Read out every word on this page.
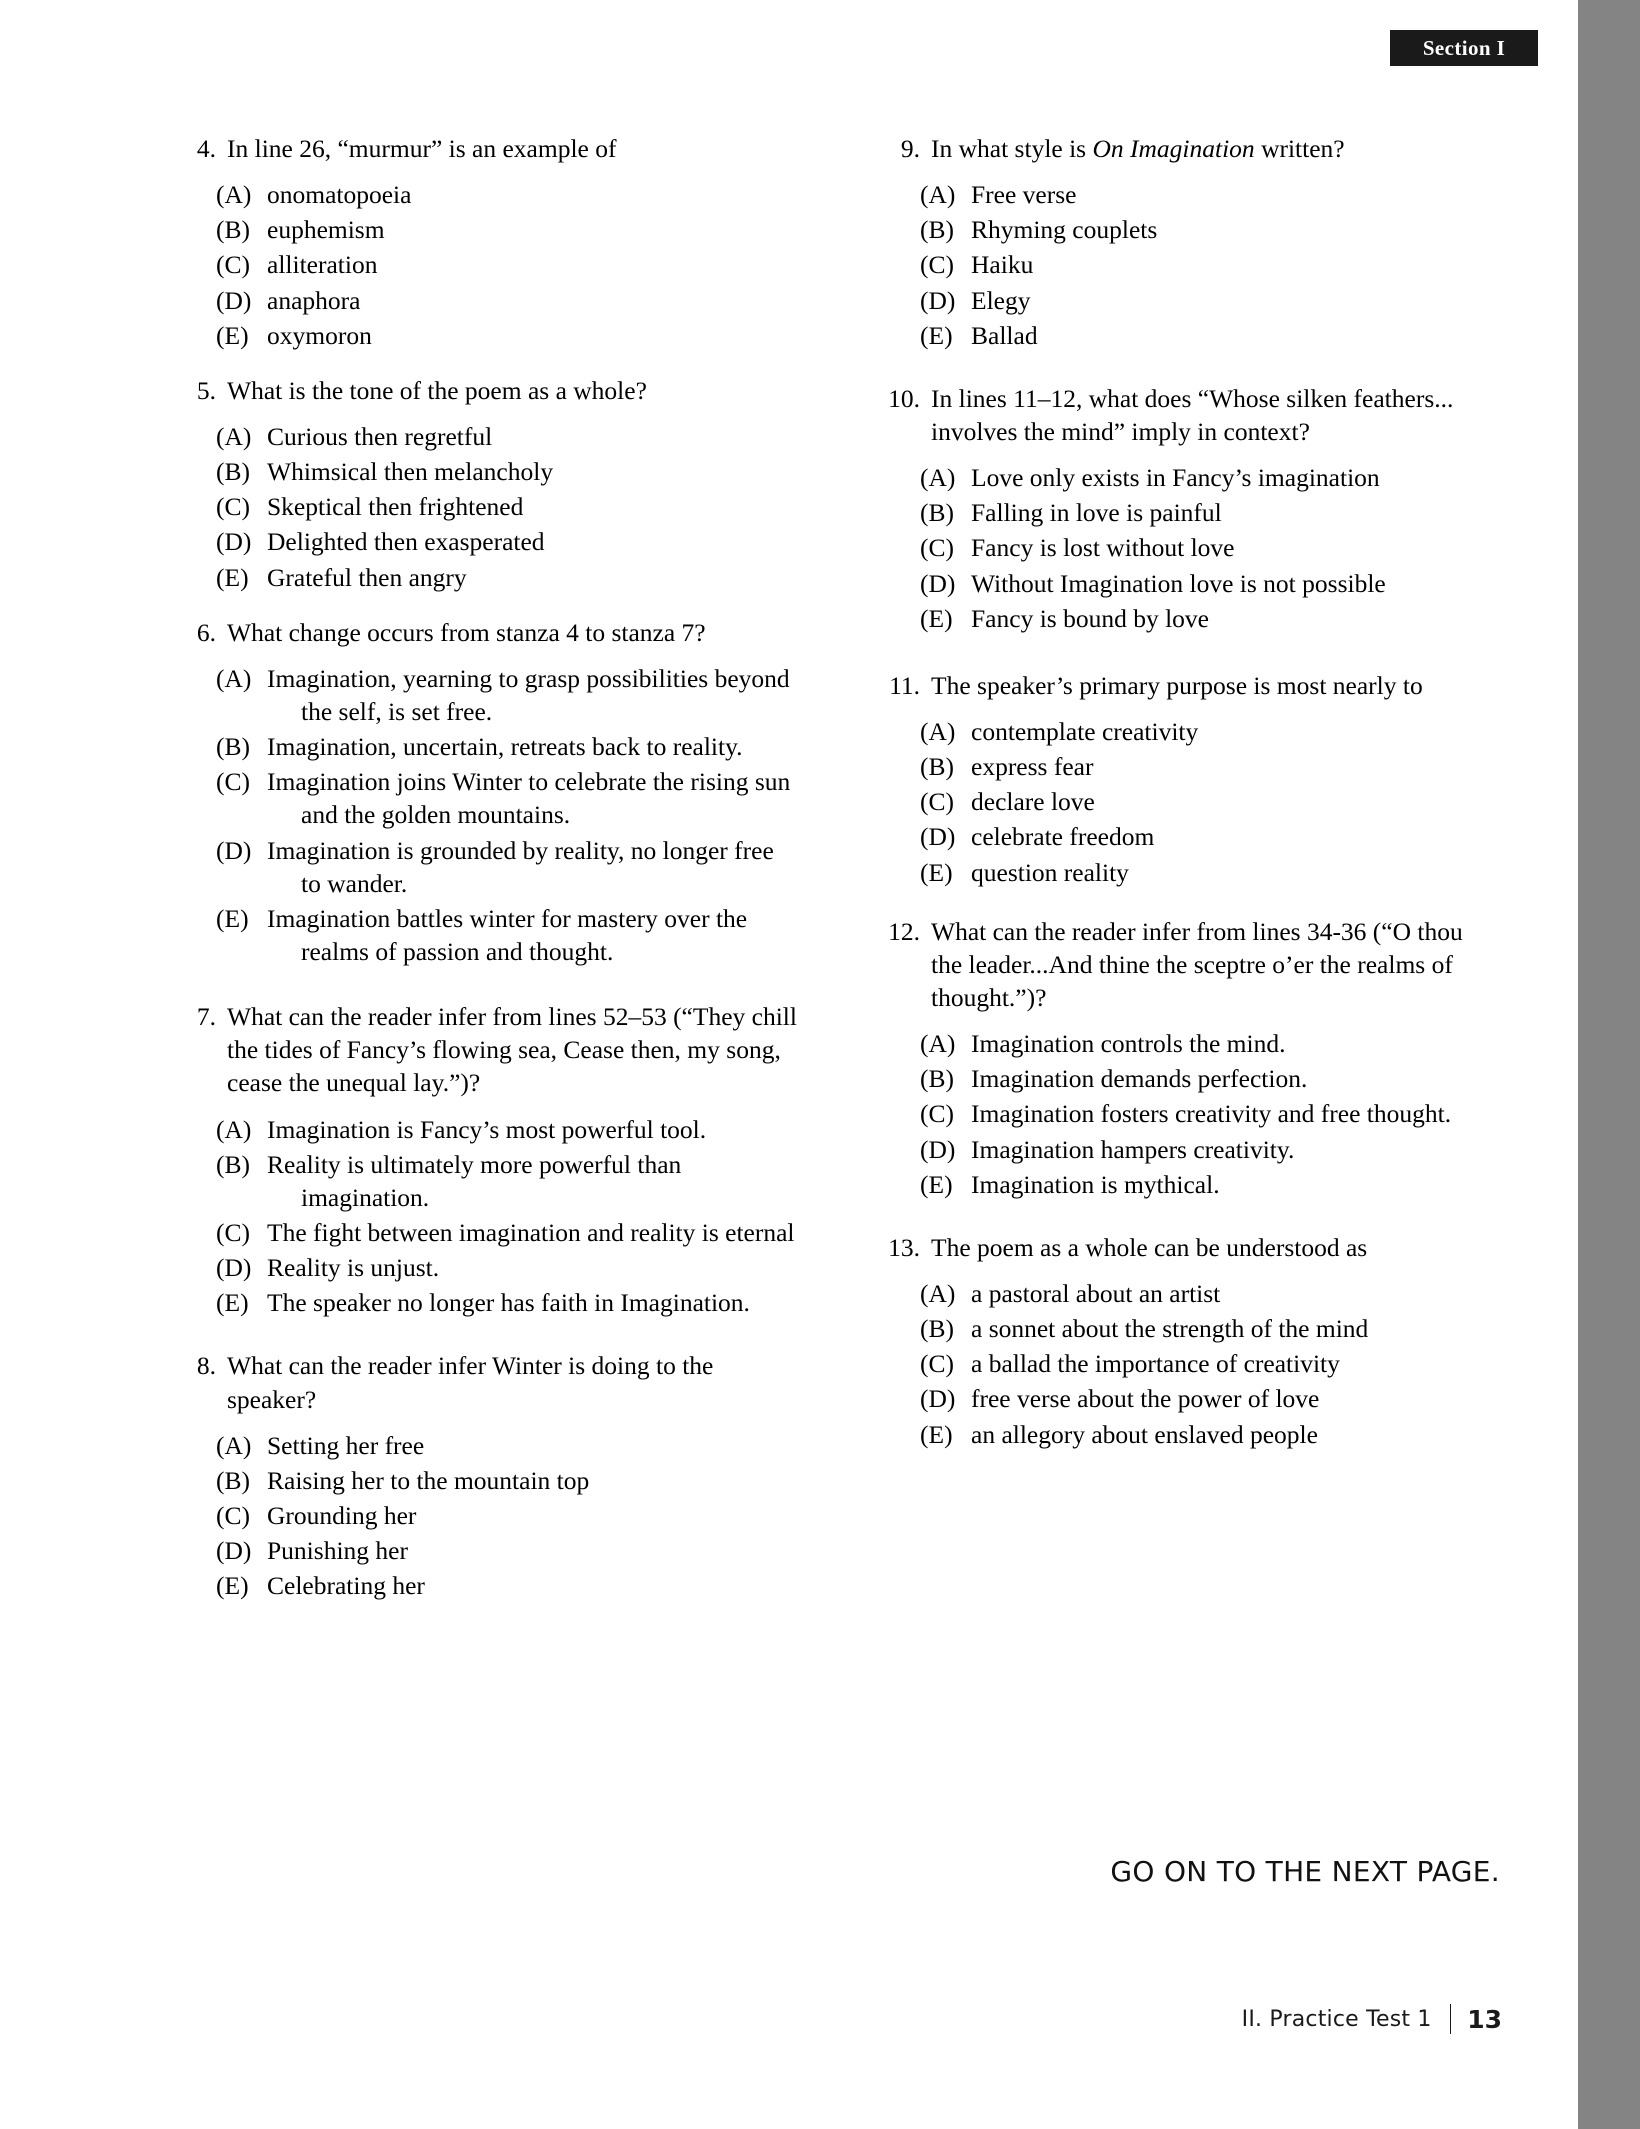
Section I
4. In line 26, “murmur” is an example of
(A) onomatopoeia
(B) euphemism
(C) alliteration
(D) anaphora
(E) oxymoron
5. What is the tone of the poem as a whole?
(A) Curious then regretful
(B) Whimsical then melancholy
(C) Skeptical then frightened
(D) Delighted then exasperated
(E) Grateful then angry
6. What change occurs from stanza 4 to stanza 7?
(A) Imagination, yearning to grasp possibilities beyond
the self, is set free.
(B) Imagination, uncertain, retreats back to reality.
(C) Imagination joins Winter to celebrate the rising sun
and the golden mountains.
(D) Imagination is grounded by reality, no longer free
to wander.
(E) Imagination battles winter for mastery over the
realms of passion and thought.
7. What can the reader infer from lines 52–53 (“They chill the tides of Fancy’s flowing sea, Cease then, my song, cease the unequal lay.”)?
(A) Imagination is Fancy’s most powerful tool.
(B) Reality is ultimately more powerful than
imagination.
(C) The fight between imagination and reality is eternal
(D) Reality is unjust.
(E) The speaker no longer has faith in Imagination.
8. What can the reader infer Winter is doing to the speaker?
(A) Setting her free
(B) Raising her to the mountain top
(C) Grounding her
(D) Punishing her
(E) Celebrating her
9. In what style is On Imagination written?
(A) Free verse
(B) Rhyming couplets
(C) Haiku
(D) Elegy
(E) Ballad
10. In lines 11–12, what does “Whose silken feathers... involves the mind” imply in context?
(A) Love only exists in Fancy’s imagination
(B) Falling in love is painful
(C) Fancy is lost without love
(D) Without Imagination love is not possible
(E) Fancy is bound by love
11. The speaker’s primary purpose is most nearly to
(A) contemplate creativity
(B) express fear
(C) declare love
(D) celebrate freedom
(E) question reality
12. What can the reader infer from lines 34-36 (“O thou the leader...And thine the sceptre o’er the realms of thought.”)?
(A) Imagination controls the mind.
(B) Imagination demands perfection.
(C) Imagination fosters creativity and free thought.
(D) Imagination hampers creativity.
(E) Imagination is mythical.
13. The poem as a whole can be understood as
(A) a pastoral about an artist
(B) a sonnet about the strength of the mind
(C) a ballad the importance of creativity
(D) free verse about the power of love
(E) an allegory about enslaved people
GO ON TO THE NEXT PAGE.
II. Practice Test 1 13
